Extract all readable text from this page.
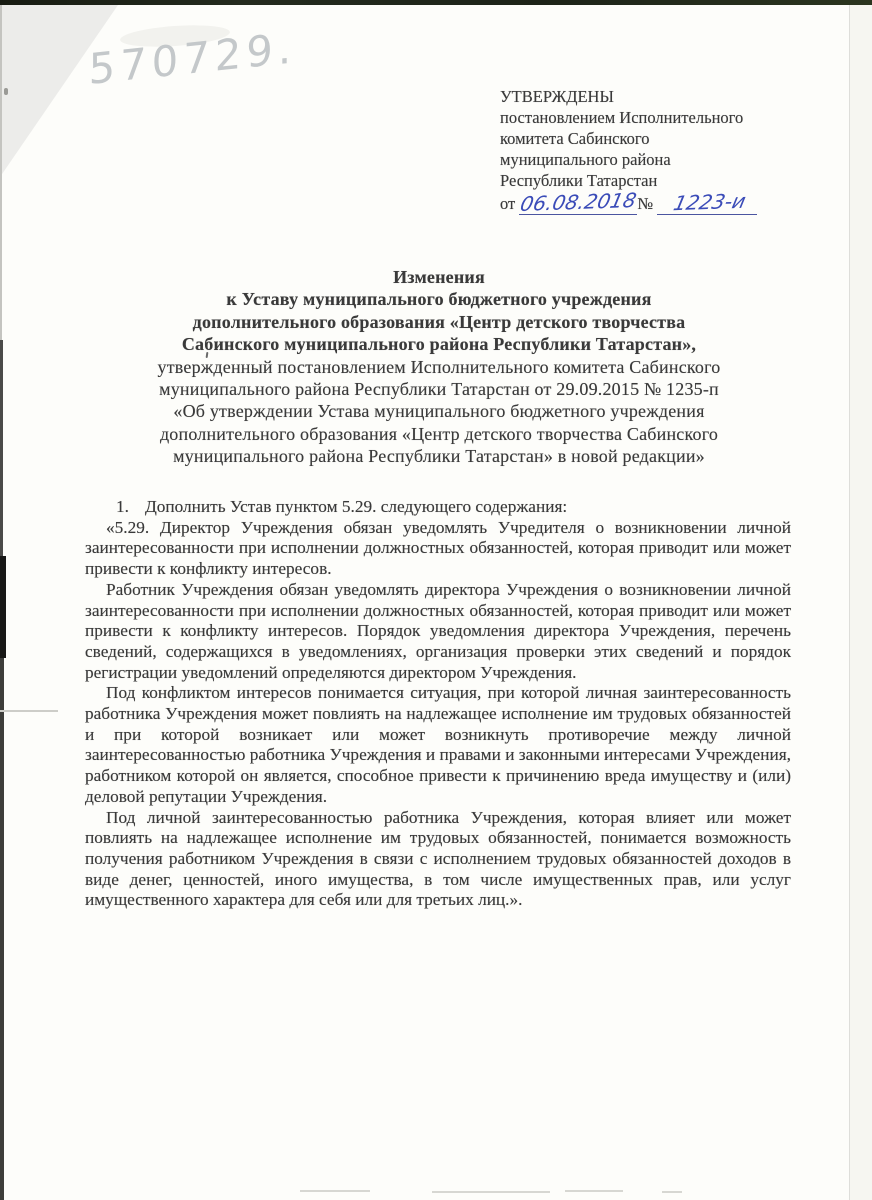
570729.
УТВЕРЖДЕНЫ
постановлением Исполнительного
комитета Сабинского
муниципального района
Республики Татарстан
от 06.08.2018№ 1223-и
Изменения
к Уставу муниципального бюджетного учреждения
дополнительного образования «Центр детского творчества
Сабинского муниципального района Республики Татарстан»,
утвержденный постановлением Исполнительного комитета Сабинского
муниципального района Республики Татарстан от 29.09.2015 № 1235-п
«Об утверждении Устава муниципального бюджетного учреждения
дополнительного образования «Центр детского творчества Сабинского
муниципального района Республики Татарстан» в новой редакции»
1. Дополнить Устав пунктом 5.29. следующего содержания:

«5.29. Директор Учреждения обязан уведомлять Учредителя о возникновении личной заинтересованности при исполнении должностных обязанностей, которая приводит или может привести к конфликту интересов.

Работник Учреждения обязан уведомлять директора Учреждения о возникновении личной заинтересованности при исполнении должностных обязанностей, которая приводит или может привести к конфликту интересов. Порядок уведомления директора Учреждения, перечень сведений, содержащихся в уведомлениях, организация проверки этих сведений и порядок регистрации уведомлений определяются директором Учреждения.

Под конфликтом интересов понимается ситуация, при которой личная заинтересованность работника Учреждения может повлиять на надлежащее исполнение им трудовых обязанностей и при которой возникает или может возникнуть противоречие между личной заинтересованностью работника Учреждения и правами и законными интересами Учреждения, работником которой он является, способное привести к причинению вреда имуществу и (или) деловой репутации Учреждения.

Под личной заинтересованностью работника Учреждения, которая влияет или может повлиять на надлежащее исполнение им трудовых обязанностей, понимается возможность получения работником Учреждения в связи с исполнением трудовых обязанностей доходов в виде денег, ценностей, иного имущества, в том числе имущественных прав, или услуг имущественного характера для себя или для третьих лиц.».
